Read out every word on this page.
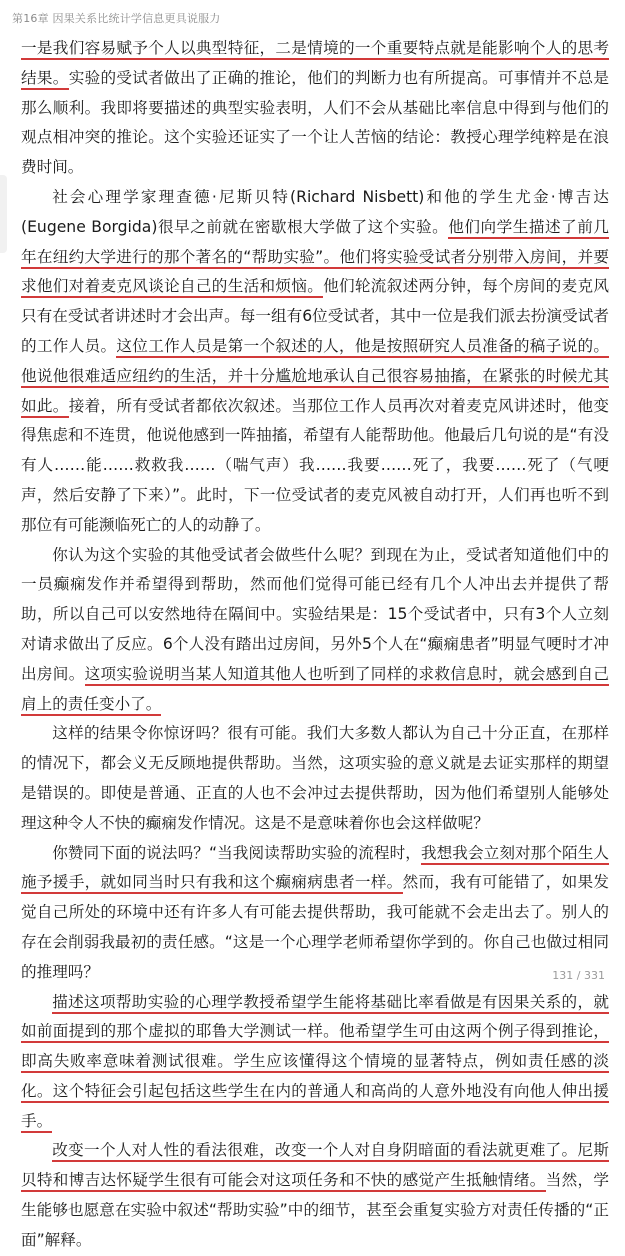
第16章 因果关系比统计学信息更具说服力

一是我们容易赋予个人以典型特征，二是情境的一个重要特点就是能影响个人的思考结果。实验的受试者做出了正确的推论，他们的判断力也有所提高。可事情并不总是那么顺利。我即将要描述的典型实验表明，人们不会从基础比率信息中得到与他们的观点相冲突的推论。这个实验还证实了一个让人苦恼的结论：教授心理学纯粹是在浪费时间。

社会心理学家理查德·尼斯贝特(Richard Nisbett)和他的学生尤金·博吉达(Eugene Borgida)很早之前就在密歇根大学做了这个实验。他们向学生描述了前几年在纽约大学进行的那个著名的“帮助实验”。他们将实验受试者分别带入房间，并要求他们对着麦克风谈论自己的生活和烦恼。他们轮流叙述两分钟，每个房间的麦克风只有在受试者讲述时才会出声。每一组有6位受试者，其中一位是我们派去扮演受试者的工作人员。这位工作人员是第一个叙述的人，他是按照研究人员准备的稿子说的。他说他很难适应纽约的生活，并十分尴尬地承认自己很容易抽搐，在紧张的时候尤其如此。接着，所有受试者都依次叙述。当那位工作人员再次对着麦克风讲述时，他变得焦虑和不连贯，他说他感到一阵抽搐，希望有人能帮助他。他最后几句说的是“有没有人……能……救救我……（喘气声）我……我要……死了，我要……死了（气哽声，然后安静了下来）”。此时，下一位受试者的麦克风被自动打开，人们再也听不到那位有可能濒临死亡的人的动静了。

你认为这个实验的其他受试者会做些什么呢？到现在为止，受试者知道他们中的一员癫痫发作并希望得到帮助，然而他们觉得可能已经有几个人冲出去并提供了帮助，所以自己可以安然地待在隔间中。实验结果是：15个受试者中，只有3个人立刻对请求做出了反应。6个人没有踏出过房间，另外5个人在“癫痫患者”明显气哽时才冲出房间。这项实验说明当某人知道其他人也听到了同样的求救信息时，就会感到自己肩上的责任变小了。

这样的结果令你惊讶吗？很有可能。我们大多数人都认为自己十分正直，在那样的情况下，都会义无反顾地提供帮助。当然，这项实验的意义就是去证实那样的期望是错误的。即使是普通、正直的人也不会冲过去提供帮助，因为他们希望别人能够处理这种令人不快的癫痫发作情况。这是不是意味着你也会这样做呢？

你赞同下面的说法吗？“当我阅读帮助实验的流程时，我想我会立刻对那个陌生人施予援手，就如同当时只有我和这个癫痫病患者一样。然而，我有可能错了，如果发觉自己所处的环境中还有许多人有可能去提供帮助，我可能就不会走出去了。别人的存在会削弱我最初的责任感。“这是一个心理学老师希望你学到的。你自己也做过相同的推理吗？

描述这项帮助实验的心理学教授希望学生能将基础比率看做是有因果关系的，就如前面提到的那个虚拟的耶鲁大学测试一样。他希望学生可由这两个例子得到推论，即高失败率意味着测试很难。学生应该懂得这个情境的显著特点，例如责任感的淡化。这个特征会引起包括这些学生在内的普通人和高尚的人意外地没有向他人伸出援手。

改变一个人对人性的看法很难，改变一个人对自身阴暗面的看法就更难了。尼斯贝特和博吉达怀疑学生很有可能会对这项任务和不快的感觉产生抵触情绪。当然，学生能够也愿意在实验中叙述“帮助实验”中的细节，甚至会重复实验方对责任传播的“正面”解释。

131 / 331
